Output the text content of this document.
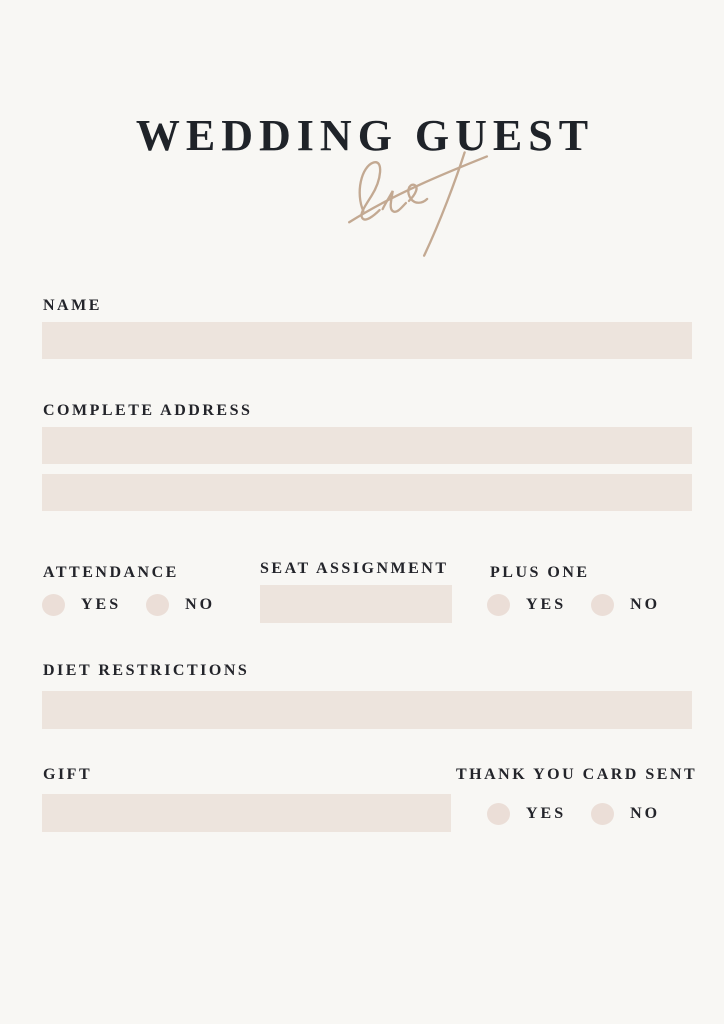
WEDDING GUEST
NAME
COMPLETE ADDRESS
ATTENDANCE
YES	NO
SEAT ASSIGNMENT	PLUS ONE
YES	NO
DIET RESTRICTIONS
GIFT	THANK YOU CARD SENT
YES	NO
